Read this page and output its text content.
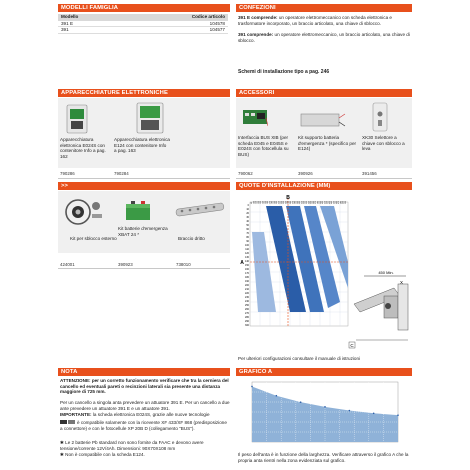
MODELLI FAMIGLIA
Modello	Codice articolo
391 E	104578
391	104577
CONFEZIONI
391 E comprende: un operatore elettromeccanico con scheda elettronica e trasformatore incorporato, un braccio articolato, una chiave di sblocco.
391 comprende: un operatore elettromeccanico, un braccio articolato, una chiave di sblocco.
Schemi di installazione tipo a pag. 246
APPARECCHIATURE ELETTRONICHE
Apparecchiatura elettronica E024S con contenitore Info a pag. 162
Apparecchiatura elettronica E124 con contenitore Info a pag. 163
790286	790284
ACCESSORI
Interfaccia BUS XIB (per scheda E045 e E045S e E024S con fotocellula su BUS)
Kit supporto batteria d'emergenza * (specifico per E124)
XK30 Selettore a chiave con sblocco a leva
790062	390926	391456
>>
Kit per sblocco esterno
Kit batterie d'emergenza XBAT 24 *
Braccio dritto
424001	390923	738010
QUOTE D'INSTALLAZIONE (MM)
B
A
450 Min.
C
X
90 100 110 120 130 140 150 160 170 180 190 200 210 220 230 240 250 260 270 280 290 300 310 320 330 340 350 360 370 380 390 400 410 420 430 440 450 460 470 480 490 500
0
10
20
30
40
50
60
70
80
90
100
110
120
130
140
150
160
170
180
190
200
210
220
230
240
250
260
270
280
290
300
Per ulteriori configurazioni consultare il manuale di istruzioni
NOTA
ATTENZIONE: per un corretto funzionamento verificare che tra la cerniera del cancello ed eventuali pareti o recinzioni laterali sia presente una distanza maggiore di 725 mm.
Per un cancello a singola anta prevedere un attuatore 391 E. Per un cancello a due ante prevedere un attuatore 391 E e un attuatore 391.
IMPORTANTE: la scheda elettronica E024S, grazie alle nuove tecnologie
è compatibile solamente con la ricevente XF 433/XF 868 (predisposizione a connettore) e con le fotocellule XP 20B D (collegamento "BUS").
✱ Le 2 batterie Pb standard non sono fornite da FAAC e devono avere tensione/corrente 12V/4Ah. Dimensioni: 90X70X108 mm
✱ Non è compatibile con la scheda E124.
GRAFICO A
Il peso dell'anta è in funzione della larghezza. Verificare attraverso il grafico A che la propria anta rientri nella zona evidenziata sul grafico.
